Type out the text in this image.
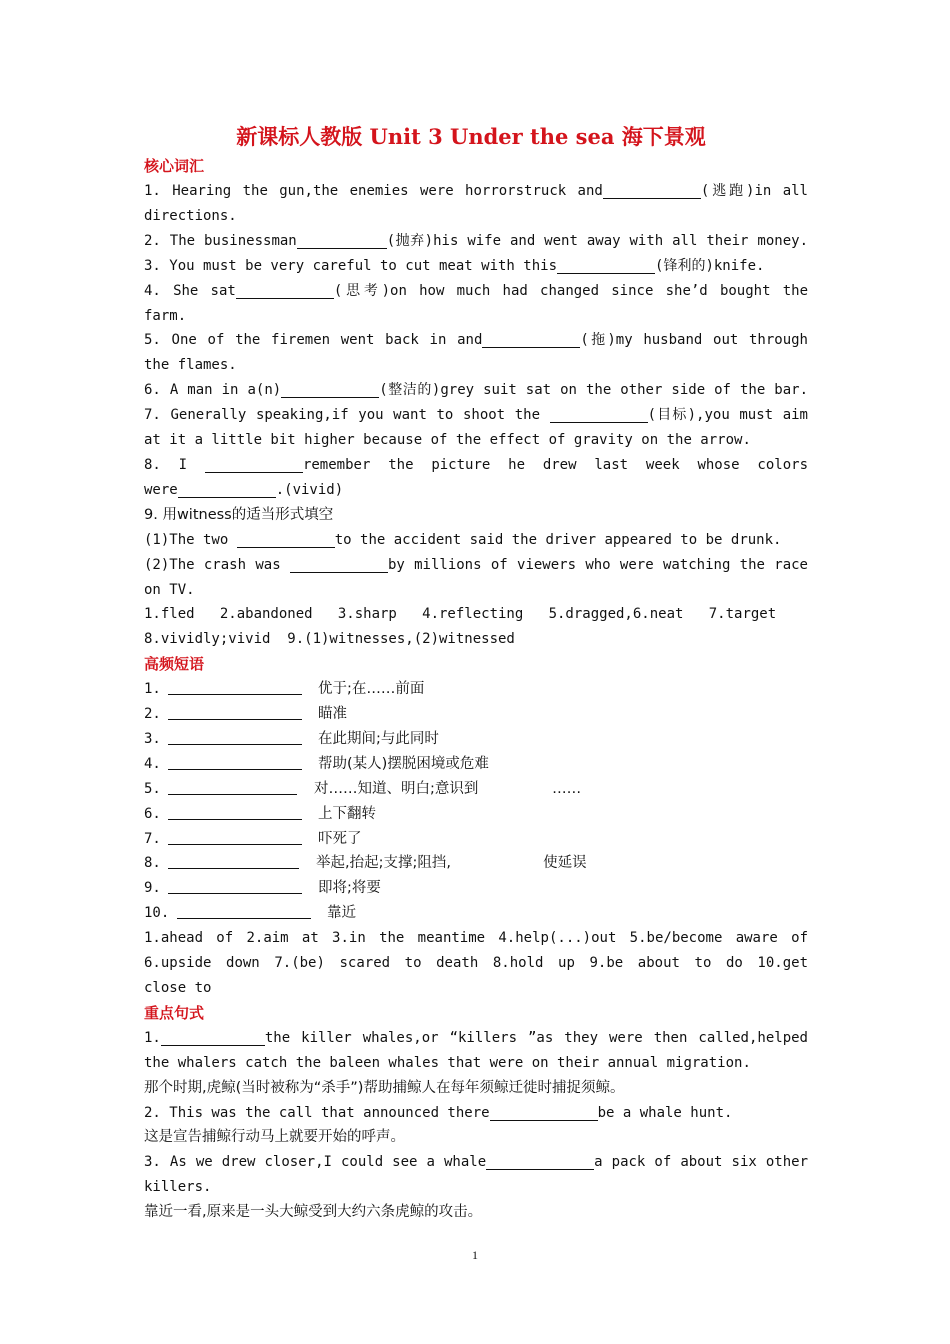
新课标人教版 Unit 3 Under the sea 海下景观
核心词汇
1. Hearing the gun,the enemies were horrorstruck and	(逃跑)in all
directions.
2. The businessman	(抛弃)his wife and went away with all their money.
3. You must be very careful to cut meat with this	(锋利的)knife.
4. She sat	(思考)on how much had changed since she’d bought the
farm.
5. One of the firemen went back in and	(拖)my husband out through
the flames.
6. A man in a(n)	(整洁的)grey suit sat on the other side of the bar.
7. Generally speaking,if you want to shoot the	(目标),you must aim
at it a little bit higher because of the effect of gravity on the arrow.
8. I	remember the picture he drew last week whose colors
were	.(vivid)
9. 用witness的适当形式填空
(1)The two	to the accident said the driver appeared to be drunk.
(2)The crash was	by millions of viewers who were watching the race
on TV.
1.fled   2.abandoned   3.sharp   4.reflecting   5.dragged,6.neat   7.target
8.vividly;vivid  9.(1)witnesses,(2)witnessed
高频短语
1.	优于;在……前面
2.	瞄准
3.	在此期间;与此同时
4.	帮助(某人)摆脱困境或危难
5.	对……知道、明白;意识到                ……
6.	上下翻转
7.	吓死了
8.	举起,抬起;支撑;阻挡,                    使延误
9.	即将;将要
10.	靠近
1.ahead of 2.aim at 3.in the meantime 4.help(...)out 5.be/become aware of
6.upside down 7.(be) scared to death 8.hold up 9.be about to do 10.get
close to
重点句式
1.	the killer whales,or “killers ”as they were then called,helped
the whalers catch the baleen whales that were on their annual migration.
那个时期,虎鲸(当时被称为“杀手”)帮助捕鲸人在每年须鲸迁徙时捕捉须鲸。
2. This was the call that announced there	be a whale hunt.
这是宣告捕鲸行动马上就要开始的呼声。
3. As we drew closer,I could see a whale	a pack of about six other
killers.
靠近一看,原来是一头大鲸受到大约六条虎鲸的攻击。
1
